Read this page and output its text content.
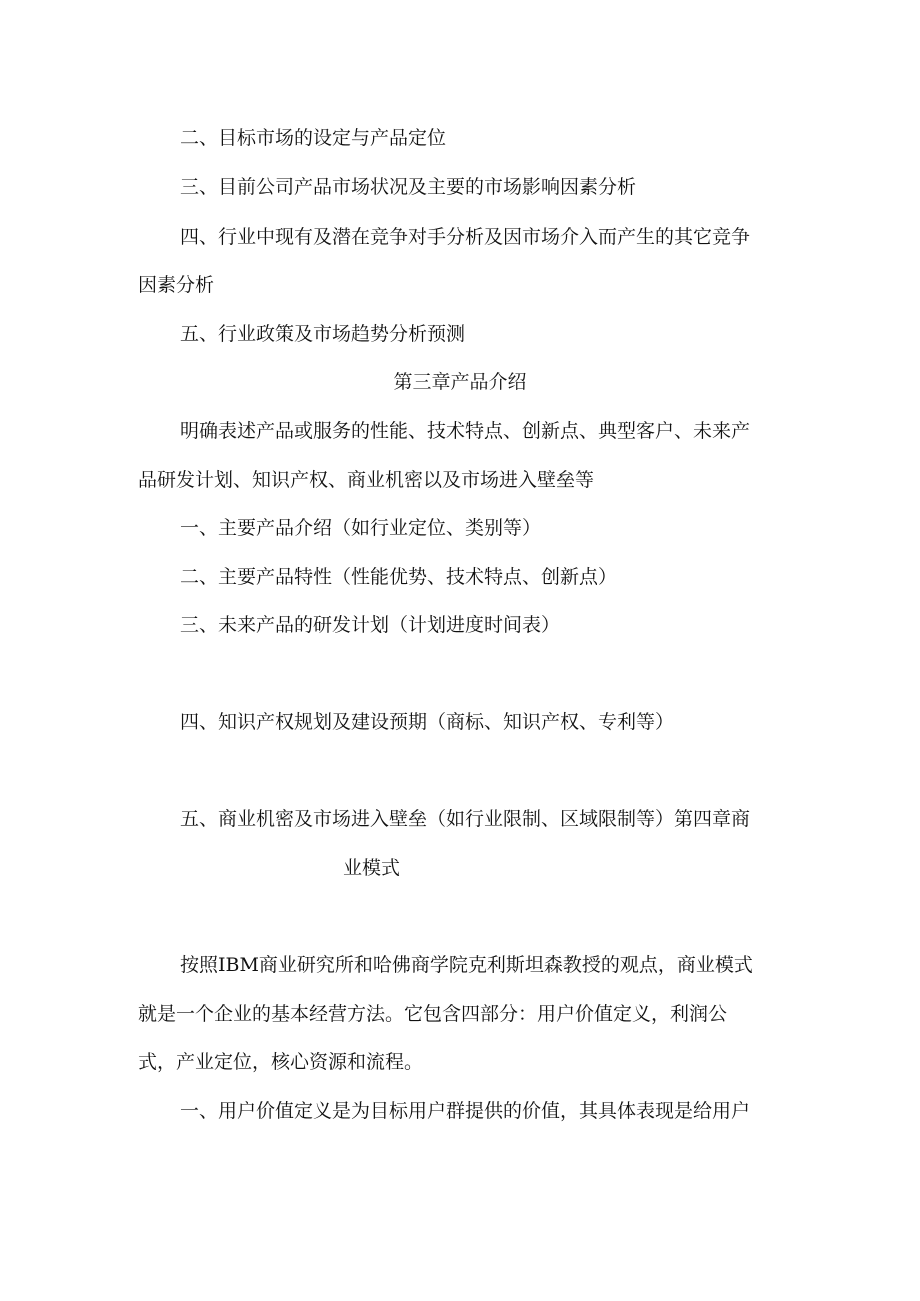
二、目标市场的设定与产品定位
三、目前公司产品市场状况及主要的市场影响因素分析
四、行业中现有及潜在竞争对手分析及因市场介入而产生的其它竞争
因素分析
五、行业政策及市场趋势分析预测
第三章产品介绍
明确表述产品或服务的性能、技术特点、创新点、典型客户、未来产
品研发计划、知识产权、商业机密以及市场进入壁垒等
一、主要产品介绍（如行业定位、类别等）
二、主要产品特性（性能优势、技术特点、创新点）
三、未来产品的研发计划（计划进度时间表）
四、知识产权规划及建设预期（商标、知识产权、专利等）
五、商业机密及市场进入壁垒（如行业限制、区域限制等）第四章商
业模式
按照IBM商业研究所和哈佛商学院克利斯坦森教授的观点，商业模式
就是一个企业的基本经营方法。它包含四部分：用户价值定义，利润公
式，产业定位，核心资源和流程。
一、用户价值定义是为目标用户群提供的价值，其具体表现是给用户
